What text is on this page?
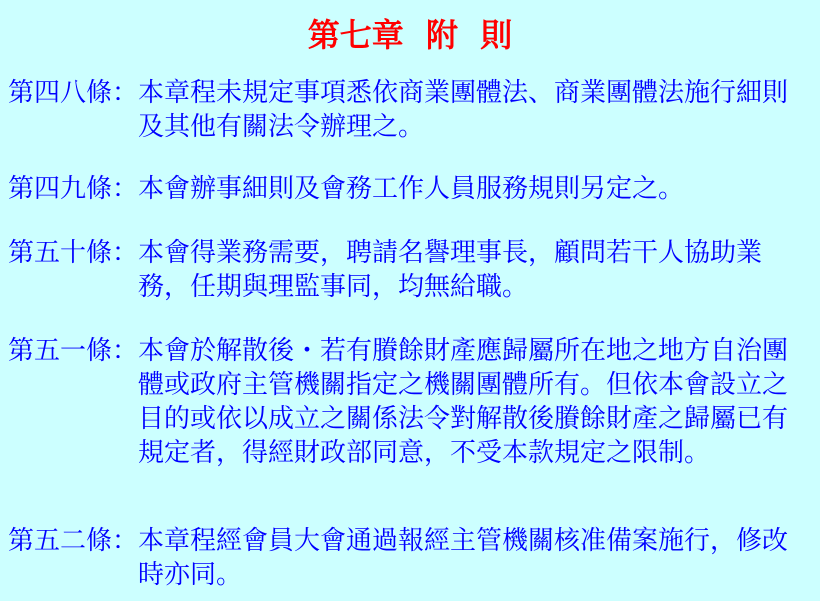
第七章  附  則
第四八條： 本章程未規定事項悉依商業團體法、商業團體法施行細則及其他有關法令辦理之。
第四九條： 本會辦事細則及會務工作人員服務規則另定之。
第五十條： 本會得業務需要，聘請名譽理事長，顧問若干人協助業務，任期與理監事同，均無給職。
第五一條： 本會於解散後・若有賸餘財產應歸屬所在地之地方自治團體或政府主管機關指定之機關團體所有。但依本會設立之目的或依以成立之關係法令對解散後賸餘財產之歸屬已有規定者，得經財政部同意，不受本款規定之限制。
第五二條： 本章程經會員大會通過報經主管機關核准備案施行，修改時亦同。
